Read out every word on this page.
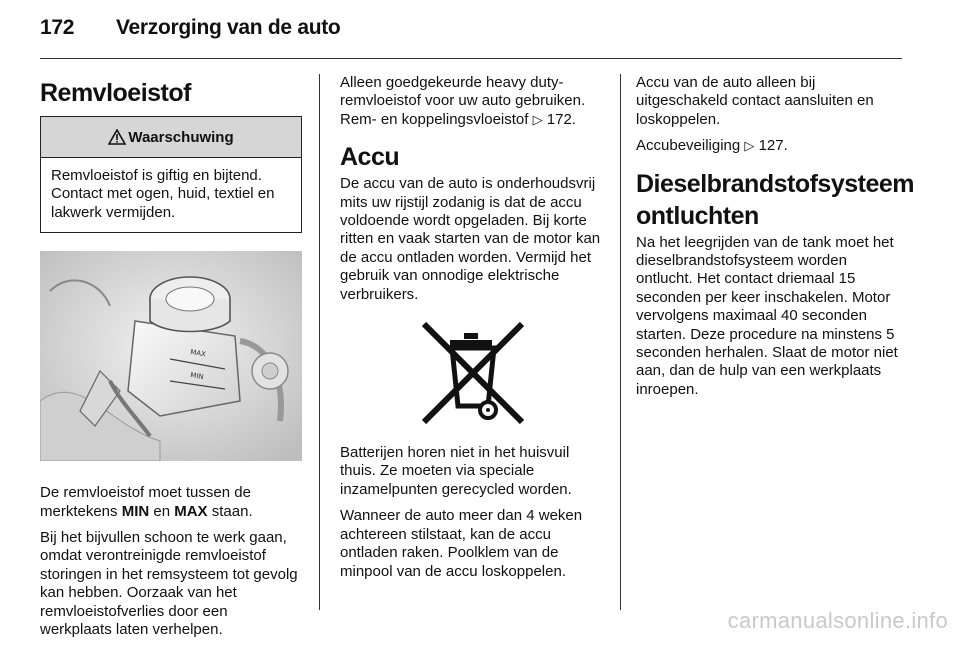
172 Verzorging van de auto
Remvloeistof
Waarschuwing
Remvloeistof is giftig en bijtend. Contact met ogen, huid, textiel en lakwerk vermijden.
MAX
MIN

De remvloeistof moet tussen de merktekens MIN en MAX staan.

Bij het bijvullen schoon te werk gaan, omdat verontreinigde remvloeistof storingen in het remsysteem tot gevolg kan hebben. Oorzaak van het remvloeistofverlies door een werkplaats laten verhelpen.

Alleen goedgekeurde heavy duty-remvloeistof voor uw auto gebruiken. Rem- en koppelingsvloeistof ▷ 172.

Accu

De accu van de auto is onderhoudsvrij mits uw rijstijl zodanig is dat de accu voldoende wordt opgeladen. Bij korte ritten en vaak starten van de motor kan de accu ontladen worden. Vermijd het gebruik van onnodige elektrische verbruikers.

Batterijen horen niet in het huisvuil thuis. Ze moeten via speciale inzamelpunten gerecycled worden.

Wanneer de auto meer dan 4 weken achtereen stilstaat, kan de accu ontladen raken. Poolklem van de minpool van de accu loskoppelen.

Accu van de auto alleen bij uitgeschakeld contact aansluiten en loskoppelen.

Accubeveiliging ▷ 127.

Dieselbrandstofsysteem ontluchten

Na het leegrijden van de tank moet het dieselbrandstofsysteem worden ontlucht. Het contact driemaal 15 seconden per keer inschakelen. Motor vervolgens maximaal 40 seconden starten. Deze procedure na minstens 5 seconden herhalen. Slaat de motor niet aan, dan de hulp van een werkplaats inroepen.

carmanualsonline.info
